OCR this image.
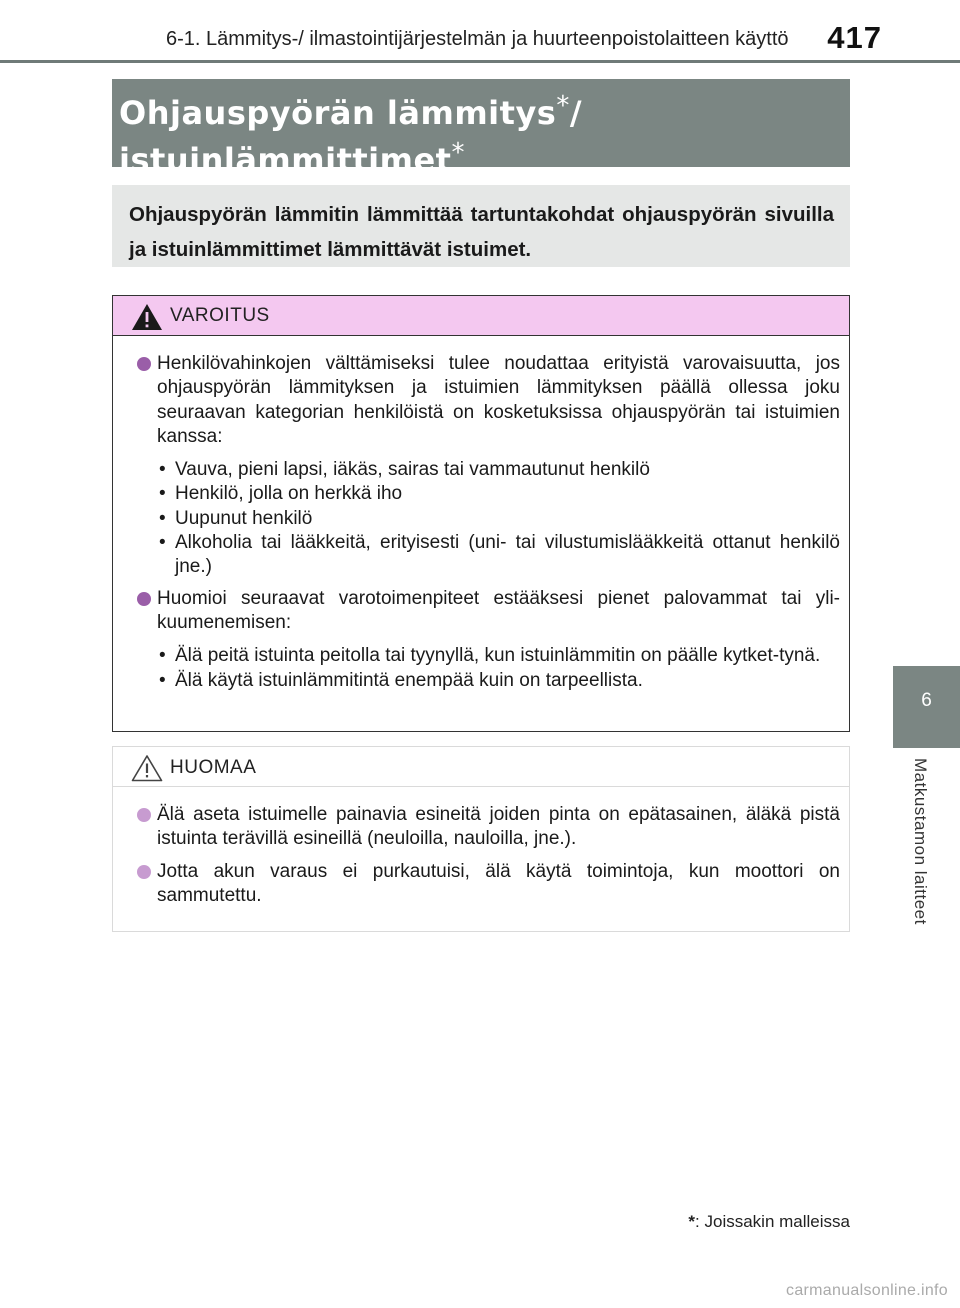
6-1. Lämmitys-/ ilmastointijärjestelmän ja huurteenpoistolaitteen käyttö 417
Ohjauspyörän lämmitys*/
istuinlämmittimet*
Ohjauspyörän lämmitin lämmittää tartuntakohdat ohjauspyörän sivuilla ja istuinlämmittimet lämmittävät istuimet.
VAROITUS
Henkilövahinkojen välttämiseksi tulee noudattaa erityistä varovaisuutta, jos ohjauspyörän lämmityksen ja istuimien lämmityksen päällä ollessa joku seuraavan kategorian henkilöistä on kosketuksissa ohjauspyörän tai istuimien kanssa:
• Vauva, pieni lapsi, iäkäs, sairas tai vammautunut henkilö
• Henkilö, jolla on herkkä iho
• Uupunut henkilö
• Alkoholia tai lääkkeitä, erityisesti (uni- tai vilustumislääkkeitä ottanut henkilö jne.)
Huomioi seuraavat varotoimenpiteet estääksesi pienet palovammat tai yli-kuumenemisen:
• Älä peitä istuinta peitolla tai tyynyllä, kun istuinlämmitin on päälle kytket-tynä.
• Älä käytä istuinlämmitintä enempää kuin on tarpeellista.
HUOMAA
Älä aseta istuimelle painavia esineitä joiden pinta on epätasainen, äläkä pistä istuinta terävillä esineillä (neuloilla, nauloilla, jne.).
Jotta akun varaus ei purkautuisi, älä käytä toimintoja, kun moottori on sammutettu.
6
Matkustamon laitteet
*: Joissakin malleissa
carmanualsonline.info
